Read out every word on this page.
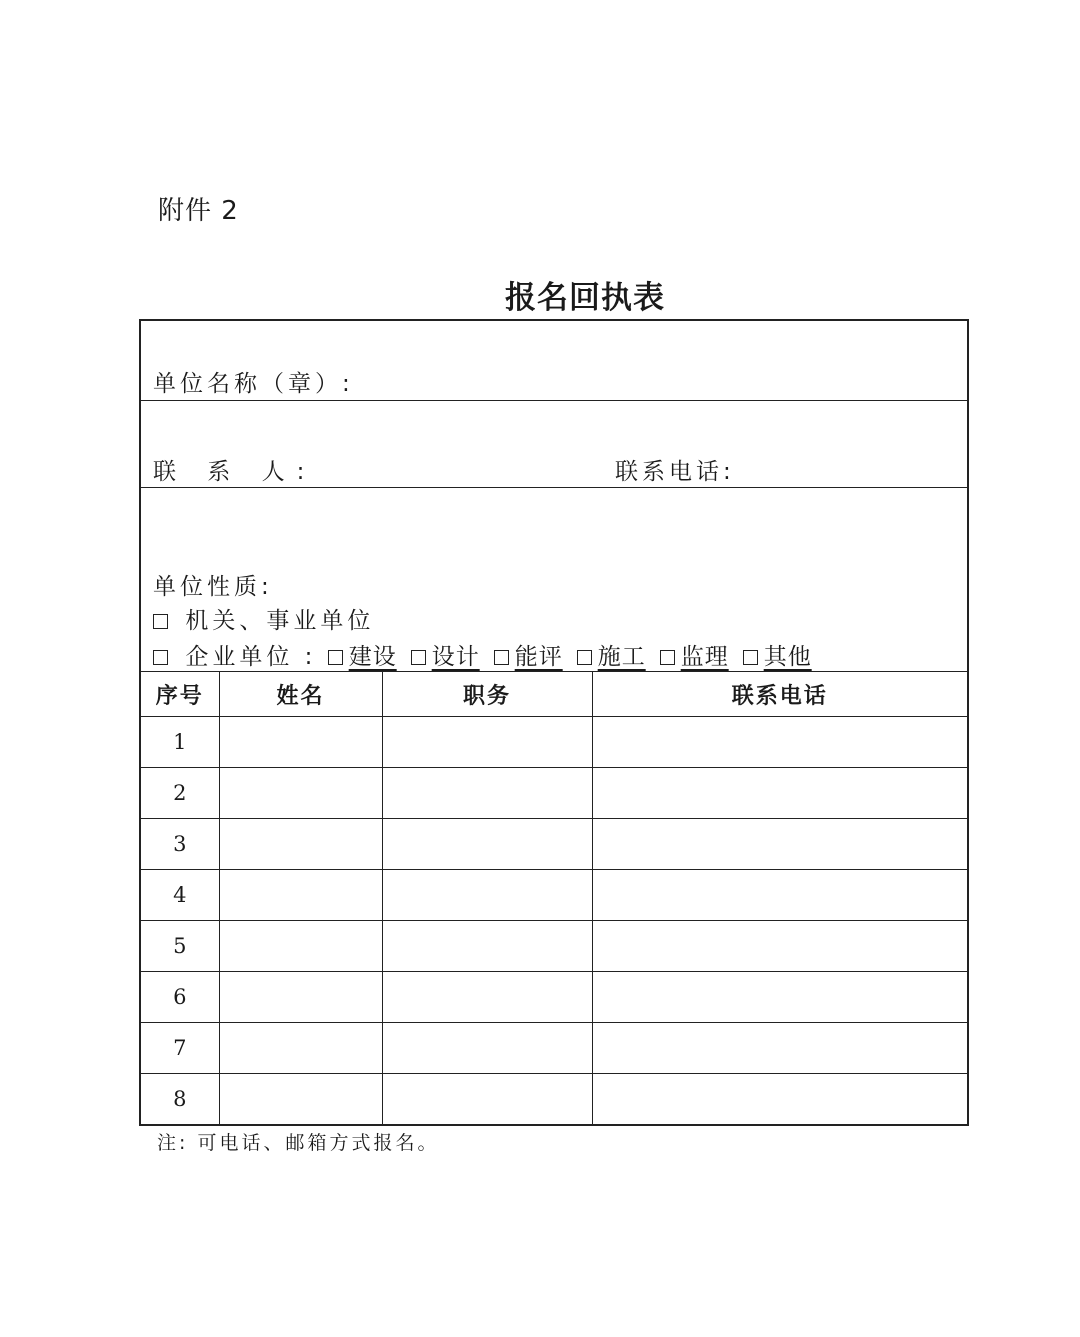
附件 2
报名回执表
单位名称（章）:
联 系 人:	联系电话:
单位性质:
机关、事业单位
企业单位 : 建设 设计 能评 施工 监理 其他
序号	姓名	职务	联系电话
1			
2			
3			
4			
5			
6			
7			
8			
注: 可电话、邮箱方式报名。
